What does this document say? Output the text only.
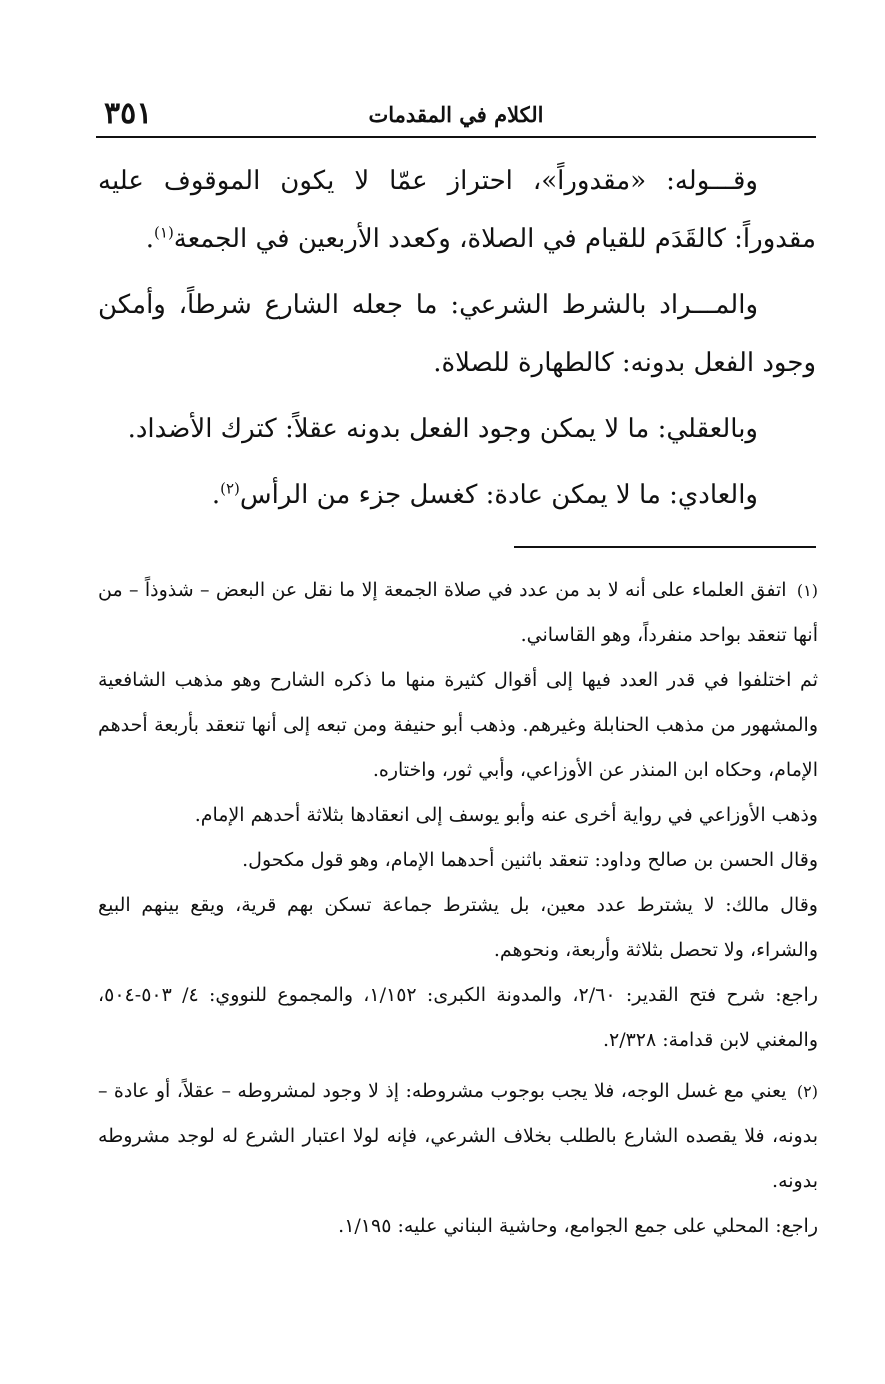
٣٥١	الكلام في المقدمات

وقـــوله: «مقدوراً»، احتراز عمّا لا يكون الموقوف عليه مقدوراً: كالقَدَم للقيام في الصلاة، وكعدد الأربعين في الجمعة$^{(١)}$.

والمـــراد بالشرط الشرعي: ما جعله الشارع شرطاً، وأمكن وجود الفعل بدونه: كالطهارة للصلاة.

وبالعقلي: ما لا يمكن وجود الفعل بدونه عقلاً: كترك الأضداد.

والعادي: ما لا يمكن عادة: كغسل جزء من الرأس$^{(٢)}$.

(١) اتفق العلماء على أنه لا بد من عدد في صلاة الجمعة إلا ما نقل عن البعض – شذوذاً – من أنها تنعقد بواحد منفرداً، وهو القاساني.

ثم اختلفوا في قدر العدد فيها إلى أقوال كثيرة منها ما ذكره الشارح وهو مذهب الشافعية والمشهور من مذهب الحنابلة وغيرهم. وذهب أبو حنيفة ومن تبعه إلى أنها تنعقد بأربعة أحدهم الإمام، وحكاه ابن المنذر عن الأوزاعي، وأبي ثور، واختاره.

وذهب الأوزاعي في رواية أخرى عنه وأبو يوسف إلى انعقادها بثلاثة أحدهم الإمام.

وقال الحسن بن صالح وداود: تنعقد باثنين أحدهما الإمام، وهو قول مكحول.

وقال مالك: لا يشترط عدد معين، بل يشترط جماعة تسكن بهم قرية، ويقع بينهم البيع والشراء، ولا تحصل بثلاثة وأربعة، ونحوهم.

راجع: شرح فتح القدير: ٢/٦٠، والمدونة الكبرى: ١/١٥٢، والمجموع للنووي: ٤/ ٥٠٣-٥٠٤، والمغني لابن قدامة: ٢/٣٢٨.

(٢) يعني مع غسل الوجه، فلا يجب بوجوب مشروطه: إذ لا وجود لمشروطه – عقلاً، أو عادة – بدونه، فلا يقصده الشارع بالطلب بخلاف الشرعي، فإنه لولا اعتبار الشرع له لوجد مشروطه بدونه.

راجع: المحلي على جمع الجوامع، وحاشية البناني عليه: ١/١٩٥.
